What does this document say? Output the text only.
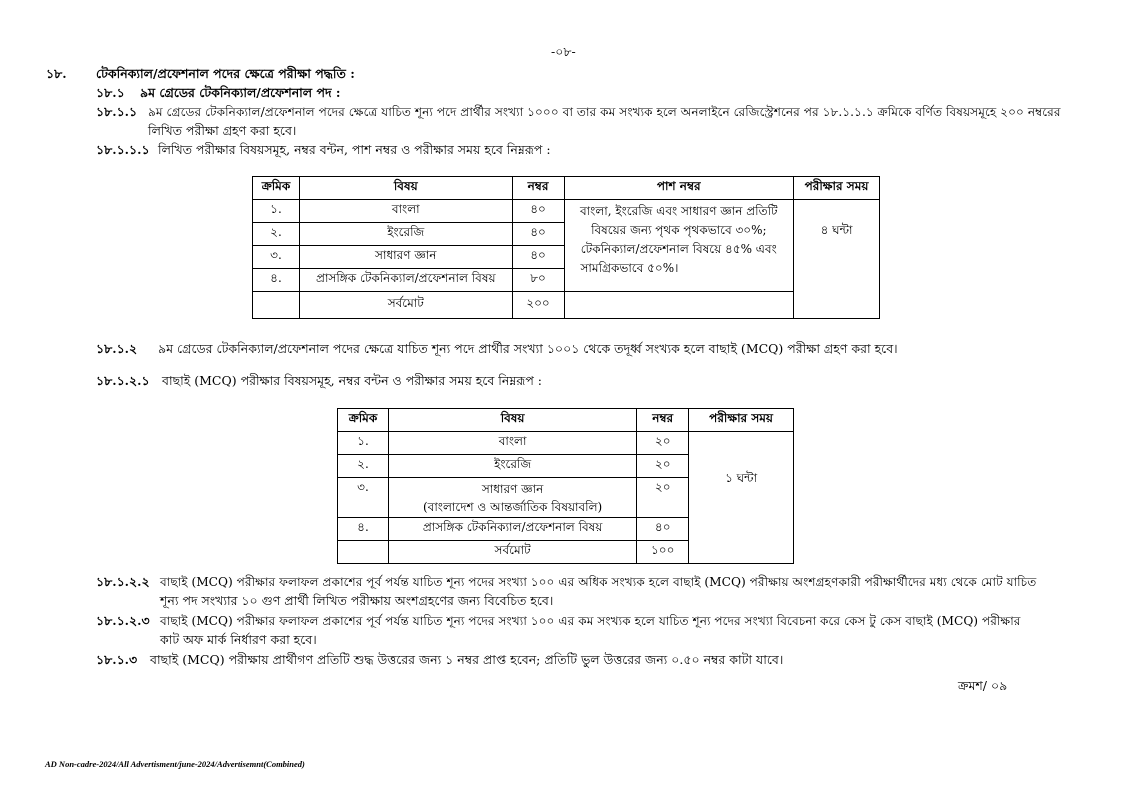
-০৮-
১৮. টেকনিক্যাল/প্রফেশনাল পদের ক্ষেত্রে পরীক্ষা পদ্ধতি :
১৮.১ ৯ম গ্রেডের টেকনিক্যাল/প্রফেশনাল পদ :
১৮.১.১ ৯ম গ্রেডের টেকনিক্যাল/প্রফেশনাল পদের ক্ষেত্রে যাচিত শূন্য পদে প্রার্থীর সংখ্যা ১০০০ বা তার কম সংখ্যক হলে অনলাইনে রেজিস্ট্রেশনের পর ১৮.১.১.১ ক্রমিকে বর্ণিত বিষয়সমূহে ২০০ নম্বরের
লিখিত পরীক্ষা গ্রহণ করা হবে।
১৮.১.১.১ লিখিত পরীক্ষার বিষয়সমূহ, নম্বর বন্টন, পাশ নম্বর ও পরীক্ষার সময় হবে নিম্নরূপ :
ক্রমিক	বিষয়	নম্বর	পাশ নম্বর	পরীক্ষার সময়
১.	বাংলা	৪০	বাংলা, ইংরেজি এবং সাধারণ জ্ঞান প্রতিটি
বিষয়ের জন্য পৃথক পৃথকভাবে ৩০%;
টেকনিক্যাল/প্রফেশনাল বিষয়ে ৪৫% এবং
সামগ্রিকভাবে ৫০%।	৪ ঘন্টা
২.	ইংরেজি	৪০		
৩.	সাধারণ জ্ঞান	৪০		
৪.	প্রাসঙ্গিক টেকনিক্যাল/প্রফেশনাল বিষয়	৮০		
	সর্বমোট	২০০		
১৮.১.২ ৯ম গ্রেডের টেকনিক্যাল/প্রফেশনাল পদের ক্ষেত্রে যাচিত শূন্য পদে প্রার্থীর সংখ্যা ১০০১ থেকে তদূর্ধ্ব সংখ্যক হলে বাছাই (MCQ) পরীক্ষা গ্রহণ করা হবে।
১৮.১.২.১ বাছাই (MCQ) পরীক্ষার বিষয়সমূহ, নম্বর বন্টন ও পরীক্ষার সময় হবে নিম্নরূপ :
ক্রমিক	বিষয়	নম্বর	পরীক্ষার সময়
১.	বাংলা	২০	১ ঘন্টা
২.	ইংরেজি	২০	
৩.	সাধারণ জ্ঞান
(বাংলাদেশ ও আন্তর্জাতিক বিষয়াবলি)	২০	
৪.	প্রাসঙ্গিক টেকনিক্যাল/প্রফেশনাল বিষয়	৪০	
	সর্বমোট	১০০	
১৮.১.২.২ বাছাই (MCQ) পরীক্ষার ফলাফল প্রকাশের পূর্ব পর্যন্ত যাচিত শূন্য পদের সংখ্যা ১০০ এর অধিক সংখ্যক হলে বাছাই (MCQ) পরীক্ষায় অংশগ্রহণকারী পরীক্ষার্থীদের মধ্য থেকে মোট যাচিত
শূন্য পদ সংখ্যার ১০ গুণ প্রার্থী লিখিত পরীক্ষায় অংশগ্রহণের জন্য বিবেচিত হবে।
১৮.১.২.৩ বাছাই (MCQ) পরীক্ষার ফলাফল প্রকাশের পূর্ব পর্যন্ত যাচিত শূন্য পদের সংখ্যা ১০০ এর কম সংখ্যক হলে যাচিত শূন্য পদের সংখ্যা বিবেচনা করে কেস টু কেস বাছাই (MCQ) পরীক্ষার
কাট অফ মার্ক নির্ধারণ করা হবে।
১৮.১.৩ বাছাই (MCQ) পরীক্ষায় প্রার্থীগণ প্রতিটি শুদ্ধ উত্তরের জন্য ১ নম্বর প্রাপ্ত হবেন; প্রতিটি ভুল উত্তরের জন্য ০.৫০ নম্বর কাটা যাবে।
ক্রমশ/ ০৯
AD Non-cadre-2024/All Advertisment/june-2024/Advertisemnt(Combined)
